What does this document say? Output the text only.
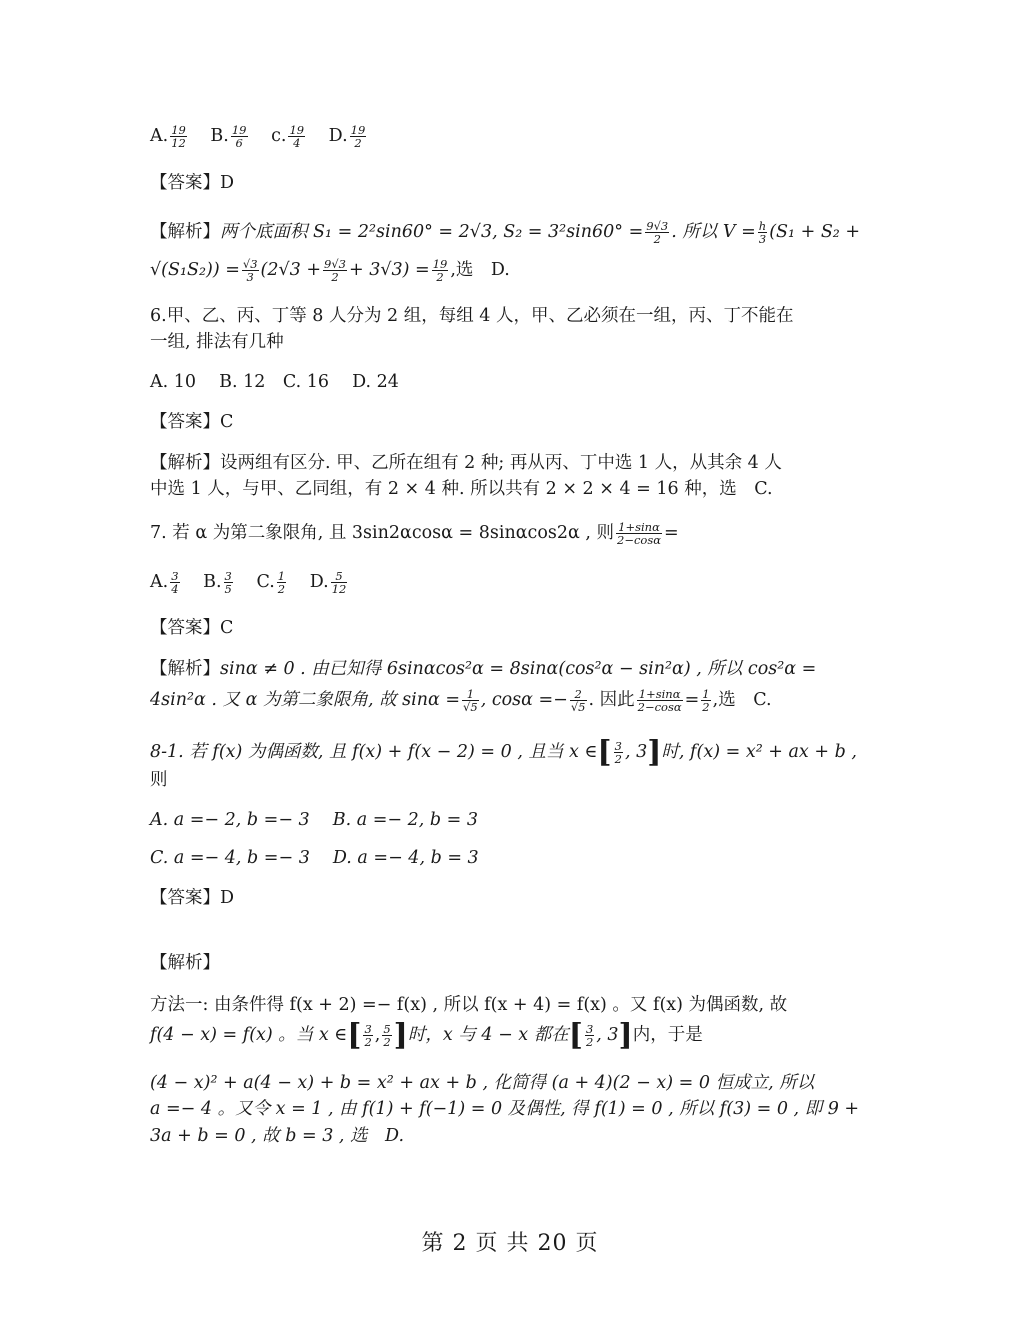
A. $\frac{19}{12} B$. $\frac{19}{6} c$. $\frac{19}{4} D$. $\frac{19}{2}$
【答案】D
【解析】两个底面积 S₁ = 2²sin60° = 2√3, $S_2 = 3^2\sin 60^\circ = \frac{9√3}{2}$ . 所以 $V = \frac{h}{3} (S_1 + S_2$ +
$√(S_1S_2)) = \frac{√3}{3} (2√3 + \frac{9√3}{2} + 3√3) = \frac{19}{2}$ ,选　D.
6.甲、乙、丙、丁等 8 人分为 2 组，每组 4 人，甲、乙必须在一组，丙、丁不能在
一组, 排法有几种
A. 10　 B. 12　C. 16　 D. 24
【答案】C
【解析】设两组有区分. 甲、乙所在组有 2 种; 再从丙、丁中选 1 人，从其余 4 人
中选 1 人，与甲、乙同组，有 2 × 4 种. 所以共有 2 × 2 × 4 = 16 种，选　C.
7. 若 α 为第二象限角, 且 3sin2αcosα = 8sinαcos2α , 则 $\frac{1+\sin\alpha}{2-\cos\alpha}$ =
A. $\frac{3}{4} B$. $\frac{3}{5} C$. $\frac{1}{2} D$. $\frac{5}{12}$
【答案】C
【解析】sinα ≠ 0 . 由已知得 6sinαcos²α = 8sinα(cos²α − sin²α) , 所以 cos²α =
4sin²α . 又 α 为第二象限角, 故 $\sin\alpha = \frac{1}{√5}$ , $\cos\alpha =- \frac{2}{√5}$ . 因此 $\frac{1+\sin\alpha}{2-\cos\alpha} = \frac{1}{2}$ ,选　C.
8-1. 若 f(x) 为偶函数, 且 f(x) + f(x − 2) = 0 , 且当 x ∈[ $\frac{3}{2}$ , 3]时, f(x) = x² + ax + b ,
则
A. a =− 2, b =− 3　 B. a =− 2, b = 3
C. a =− 4, b =− 3　 D. a =− 4, b = 3
【答案】D
【解析】
方法一: 由条件得 f(x + 2) =− f(x) , 所以 f(x + 4) = f(x) 。又 f(x) 为偶函数, 故
f(4 − x) = f(x) 。当 x ∈[ $\frac{3}{2}$ , $\frac{5}{2}$ ]时，x 与 4 − x 都在[ $\frac{3}{2}$ , 3]内，于是
(4 − x)² + a(4 − x) + b = x² + ax + b , 化简得 (a + 4)(2 − x) = 0 恒成立, 所以
a =− 4 。又令 x = 1 , 由 f(1) + f(−1) = 0 及偶性, 得 f(1) = 0 , 所以 f(3) = 0 , 即 9 +
3a + b = 0 , 故 b = 3 , 选　D.
第 2 页 共 20 页
